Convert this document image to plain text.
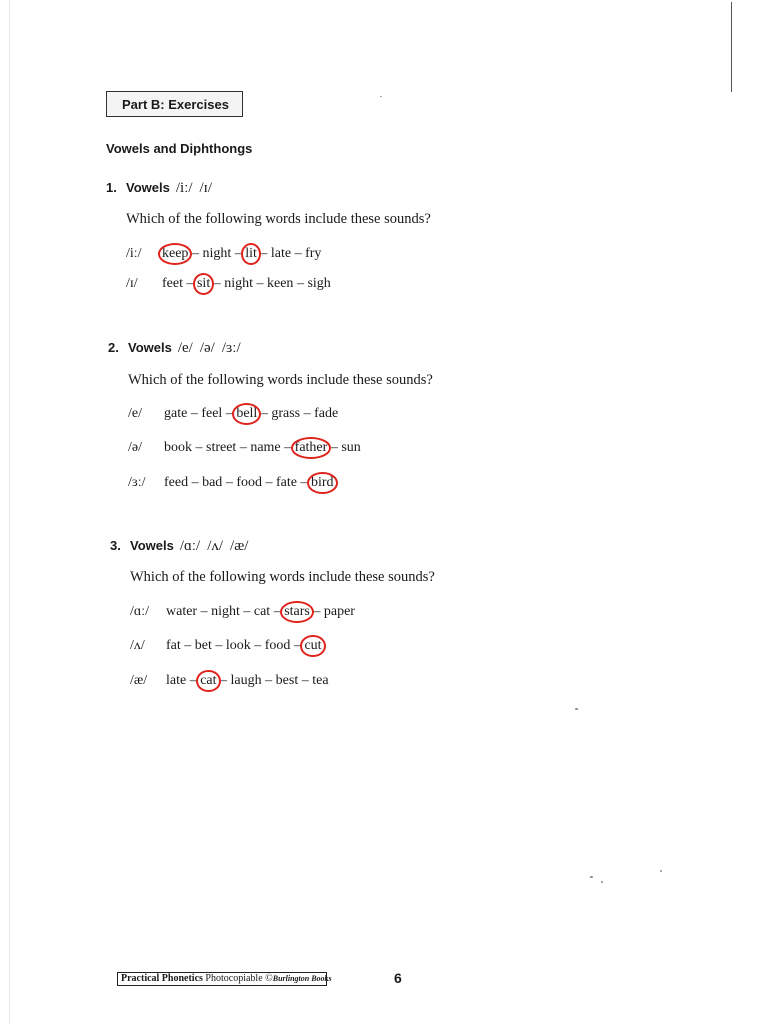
Part B: Exercises
Vowels and Diphthongs
1. Vowels /iː/ /ɪ/
Which of the following words include these sounds?
/iː/ keep – night – lit – late – fry
/ɪ/ feet – sit – night – keen – sigh
2. Vowels /e/ /ə/ /ɜː/
Which of the following words include these sounds?
/e/ gate – feel – bell – grass – fade
/ə/ book – street – name – father – sun
/ɜː/ feed – bad – food – fate – bird
3. Vowels /ɑː/ /ʌ/ /æ/
Which of the following words include these sounds?
/ɑː/ water – night – cat – stars – paper
/ʌ/ fat – bet – look – food – cut
/æ/ late – cat – laugh – best – tea
Practical Phonetics Photocopiable ©Burlington Books	6
